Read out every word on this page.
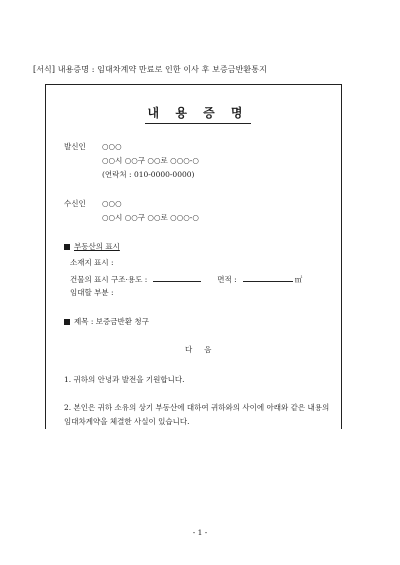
[서식] 내용증명 : 임대차계약 만료로 인한 이사 후 보증금반환통지
내 용 증 명
발신인 ○○○
○○시 ○○구 ○○로 ○○○-○
(연락처 : 010-0000-0000)
수신인 ○○○
○○시 ○○구 ○○로 ○○○-○
부동산의 표시
소재지 표시 :
건물의 표시 구조·용도 :	면적 :	㎡
임대할 부분 :
제목 : 보증금반환 청구
다     음
1. 귀하의 안녕과 발전을 기원합니다.
2. 본인은 귀하 소유의 상기 부동산에 대하여 귀하와의 사이에 아래와 같은 내용의
임대차계약을 체결한 사실이 있습니다.
- 1 -
